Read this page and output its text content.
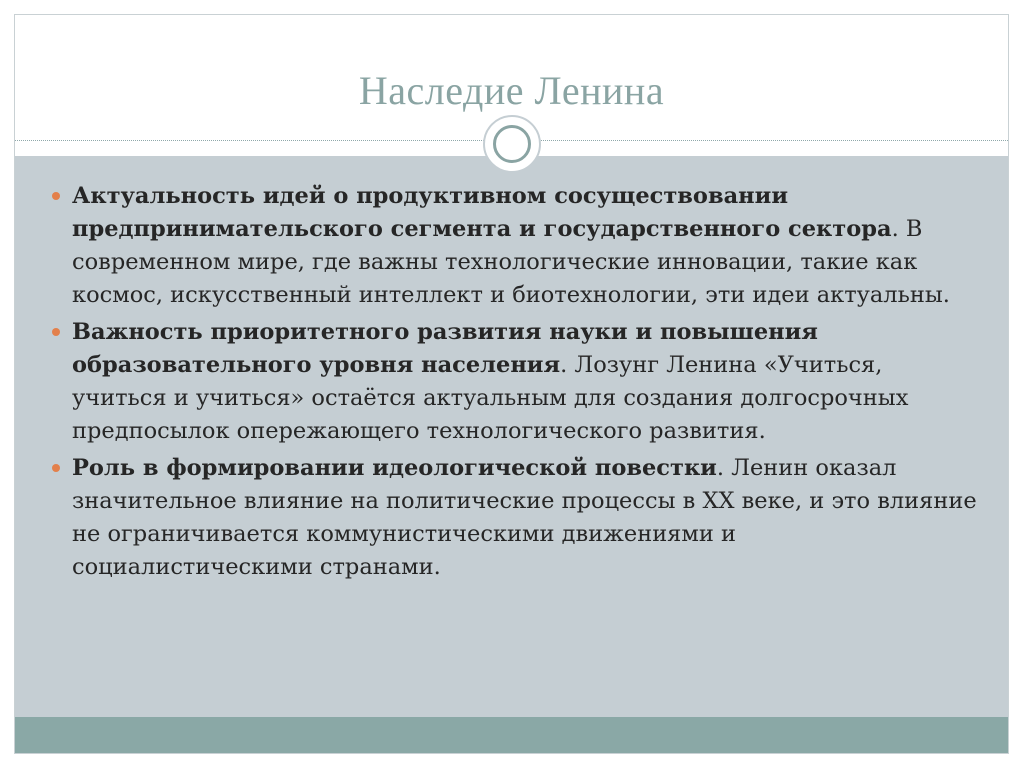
Наследие Ленина
Актуальность идей о продуктивном сосуществовании предпринимательского сегмента и государственного сектора. В современном мире, где важны технологические инновации, такие как космос, искусственный интеллект и биотехнологии, эти идеи актуальны.
Важность приоритетного развития науки и повышения образовательного уровня населения. Лозунг Ленина «Учиться, учиться и учиться» остаётся актуальным для создания долгосрочных предпосылок опережающего технологического развития.
Роль в формировании идеологической повестки. Ленин оказал значительное влияние на политические процессы в XX веке, и это влияние не ограничивается коммунистическими движениями и социалистическими странами.
